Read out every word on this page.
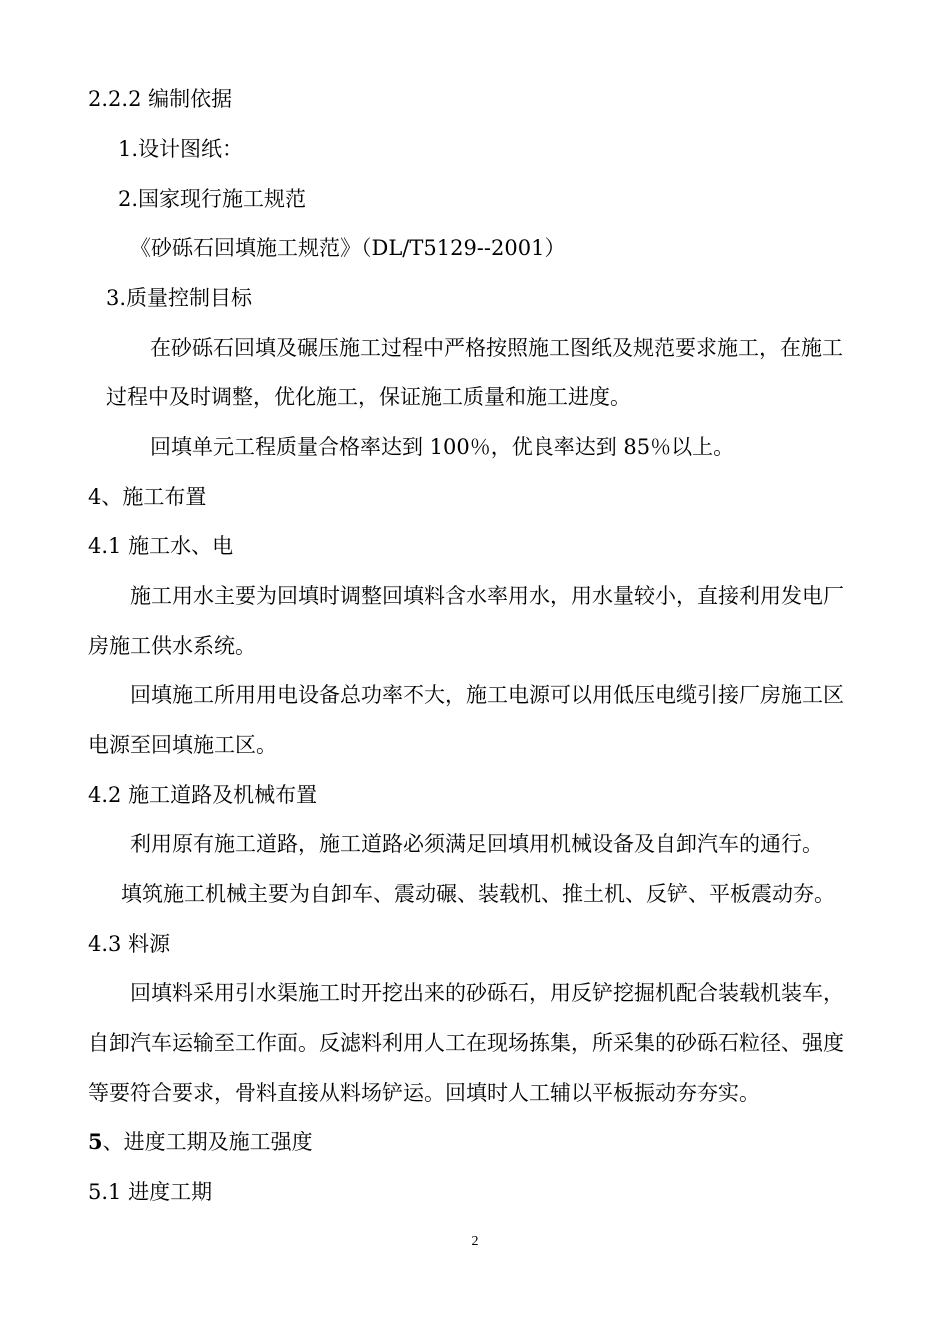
2.2.2 编制依据

1.设计图纸：

2.国家现行施工规范

《砂砾石回填施工规范》（DL/T5129--2001）

3.质量控制目标

在砂砾石回填及碾压施工过程中严格按照施工图纸及规范要求施工，在施工

过程中及时调整，优化施工，保证施工质量和施工进度。

回填单元工程质量合格率达到 100％，优良率达到 85％以上。

4、施工布置

4.1 施工水、电

施工用水主要为回填时调整回填料含水率用水，用水量较小，直接利用发电厂

房施工供水系统。

回填施工所用用电设备总功率不大，施工电源可以用低压电缆引接厂房施工区

电源至回填施工区。

4.2 施工道路及机械布置

利用原有施工道路，施工道路必须满足回填用机械设备及自卸汽车的通行。

填筑施工机械主要为自卸车、震动碾、装载机、推土机、反铲、平板震动夯。

4.3 料源

回填料采用引水渠施工时开挖出来的砂砾石，用反铲挖掘机配合装载机装车，

自卸汽车运输至工作面。反滤料利用人工在现场拣集，所采集的砂砾石粒径、强度

等要符合要求，骨料直接从料场铲运。回填时人工辅以平板振动夯夯实。

5、进度工期及施工强度

5.1 进度工期

2
